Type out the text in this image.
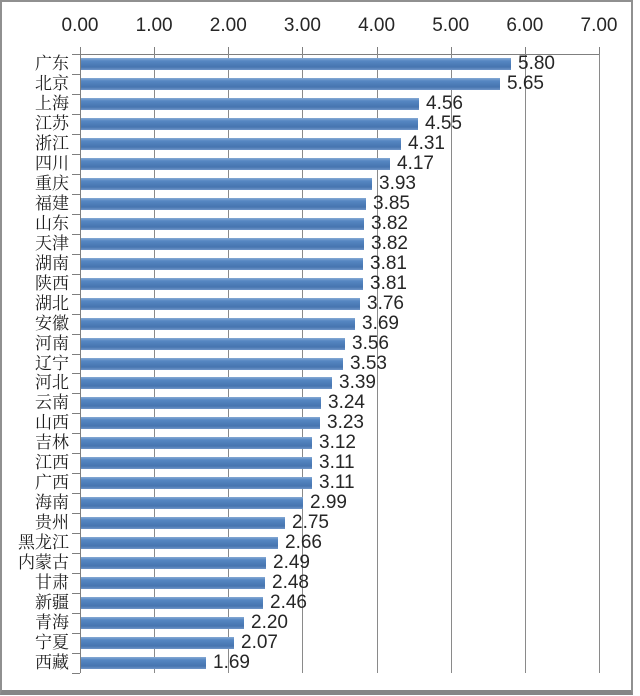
0.00 1.00 2.00 3.00 4.00 5.00 6.00 7.00
广东	5.80
北京	5.65
上海	4.56
江苏	4.55
浙江	4.31
四川	4.17
重庆	3.93
福建	3.85
山东	3.82
天津	3.82
湖南	3.81
陕西	3.81
湖北	3.76
安徽	3.69
河南	3.56
辽宁	3.53
河北	3.39
云南	3.24
山西	3.23
吉林	3.12
江西	3.11
广西	3.11
海南	2.99
贵州	2.75
黑龙江	2.66
内蒙古	2.49
甘肃	2.48
新疆	2.46
青海	2.20
宁夏	2.07
西藏	1.69
